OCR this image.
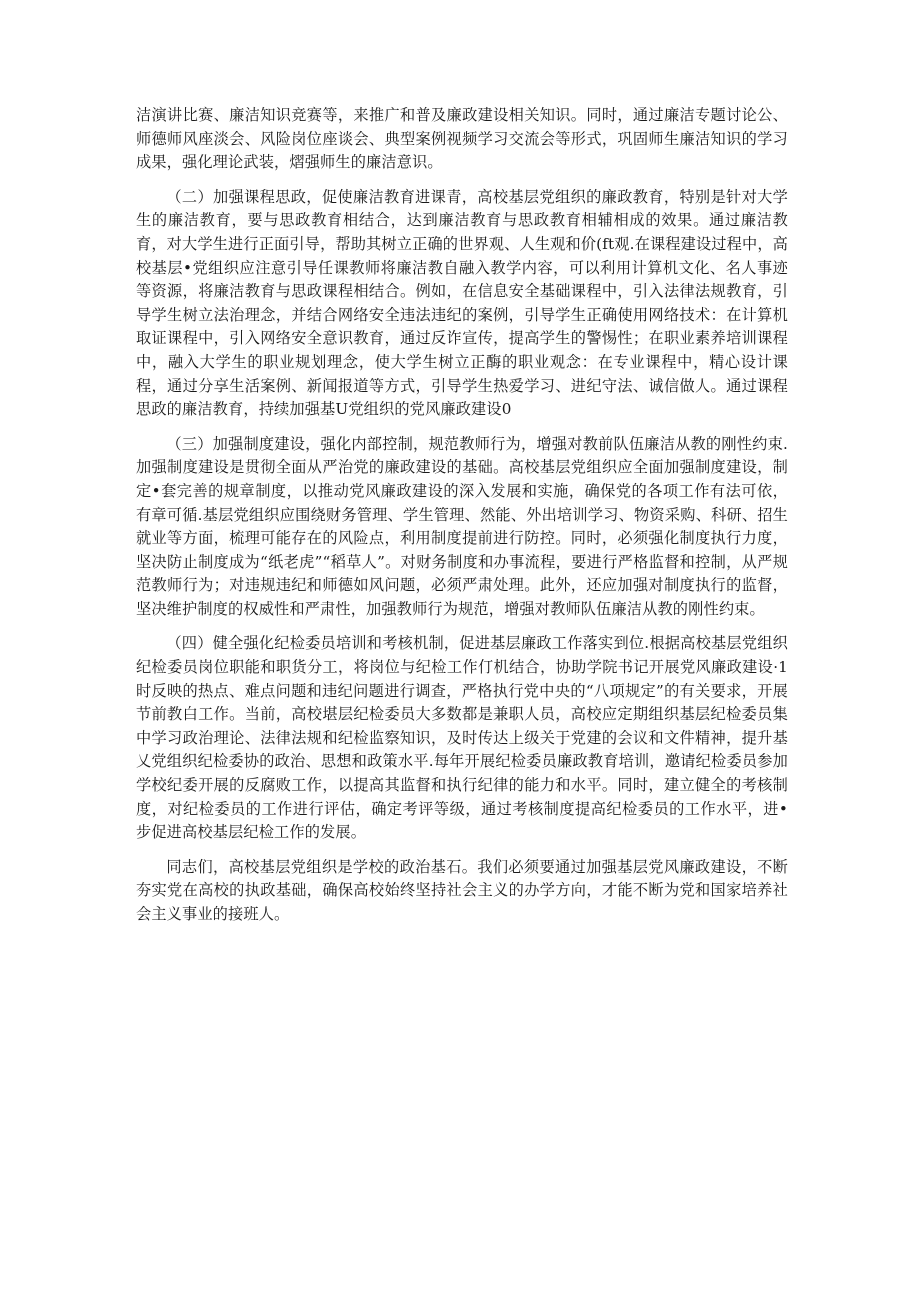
洁演讲比赛、廉洁知识竞赛等，来推广和普及廉政建设相关知识。同时，通过廉洁专题讨论公、师德师风座淡会、风险岗位座谈会、典型案例视频学习交流会等形式，巩固师生廉洁知识的学习成果，强化理论武装，熠强师生的廉洁意识。

（二）加强课程思政，促使廉洁教育进课青，高校基层党组织的廉政教育，特别是针对大学生的廉洁教育，要与思政教育相结合，达到廉洁教育与思政教育相辅相成的效果。通过廉洁教育，对大学生进行正面引导，帮助其树立正确的世界观、人生观和价(ft观.在课程建设过程中，高校基层•党组织应注意引导任课教师将廉洁教自融入教学内容，可以利用计算机文化、名人事迹等资源，将廉洁教育与思政课程相结合。例如，在信息安全基础课程中，引入法律法规教育，引导学生树立法治理念，并结合网络安全违法违纪的案例，引导学生正确使用网络技术：在计算机取证课程中，引入网络安全意识教育，通过反诈宣传，提高学生的警惕性；在职业素养培训课程中，融入大学生的职业规划理念，使大学生树立正酶的职业观念：在专业课程中，精心设计课程，通过分享生活案例、新闻报道等方式，引导学生热爱学习、进纪守法、诚信做人。通过课程思政的廉洁教育，持续加强基U党组织的党风廉政建设0

（三）加强制度建设，强化内部控制，规范教师行为，增强对教前队伍廉洁从教的刚性约束.加强制度建设是贯彻全面从严治党的廉政建设的基础。高校基层党组织应全面加强制度建设，制定•套完善的规章制度，以推动党风廉政建设的深入发展和实施，确保党的各项工作有法可依，有章可循.基层党组织应围绕财务管理、学生管理、然能、外出培训学习、物资采购、科研、招生就业等方面，梳理可能存在的风险点，利用制度提前进行防控。同时，必须强化制度执行力度，坚决防止制度成为“纸老虎”“稻草人”。对财务制度和办事流程，要进行严格监督和控制，从严规范教师行为；对违规违纪和师德如风问题，必须严肃处理。此外，还应加强对制度执行的监督，坚决维护制度的权威性和严肃性，加强教师行为规范，增强对教师队伍廉洁从教的刚性约束。

（四）健全强化纪检委员培训和考核机制，促进基层廉政工作落实到位.根据高校基层党组织纪检委员岗位职能和职货分工，将岗位与纪检工作仃机结合，协助学院书记开展党风廉政建设·1时反映的热点、难点问题和违纪问题进行调查，严格执行党中央的“八项规定”的有关要求，开展节前教白工作。当前，高校堪层纪检委员大多数都是兼职人员，高校应定期组织基层纪检委员集中学习政治理论、法律法规和纪检监察知识，及时传达上级关于党建的会议和文件精神，提升基乂党组织纪检委协的政治、思想和政策水平.每年开展纪检委员廉政教育培训，邀请纪检委员参加学校纪委开展的反腐败工作，以提高其监督和执行纪律的能力和水平。同时，建立健全的考核制度，对纪检委员的工作进行评估，确定考评等级，通过考核制度提高纪检委员的工作水平，进•步促进高校基层纪检工作的发展。

同志们，高校基层党组织是学校的政治基石。我们必须要通过加强基层党风廉政建设，不断夯实党在高校的执政基础，确保高校始终坚持社会主义的办学方向，才能不断为党和国家培养社会主义事业的接班人。
